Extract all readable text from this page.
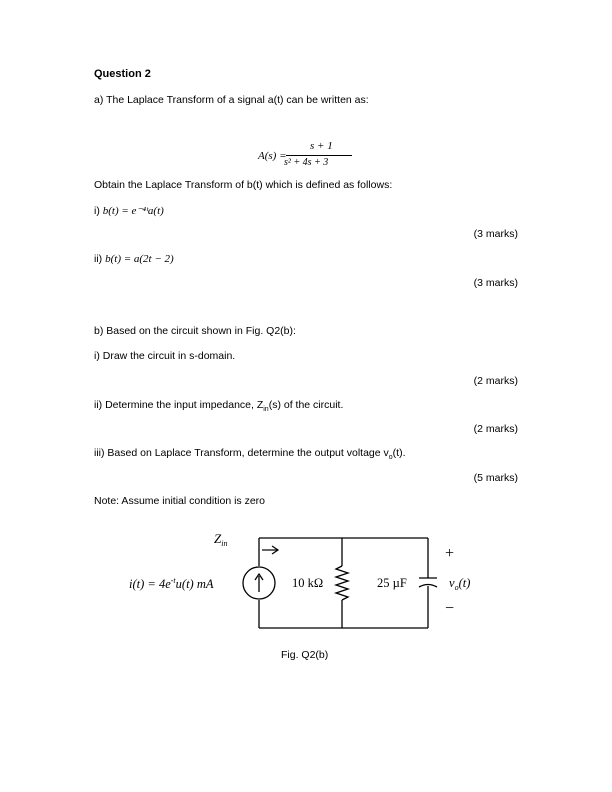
Question 2
a) The Laplace Transform of a signal a(t) can be written as:
A(s) =
s + 1
s² + 4s + 3
Obtain the Laplace Transform of b(t) which is defined as follows:
i) b(t) = e⁻⁴ᵗa(t)
(3 marks)
ii) b(t) = a(2t − 2)
(3 marks)
b) Based on the circuit shown in Fig. Q2(b):
i) Draw the circuit in s-domain.
(2 marks)
ii) Determine the input impedance, $Z_{in}(s)$ of the circuit.
(2 marks)
iii) Based on Laplace Transform, determine the output voltage $v_o(t)$.
(5 marks)
Note: Assume initial condition is zero
$Z_{in}$
$i(t) = 4e^{-t}u(t)$ mA	10 kΩ	25 µF
+
$v_o(t)$
−
Fig. Q2(b)
